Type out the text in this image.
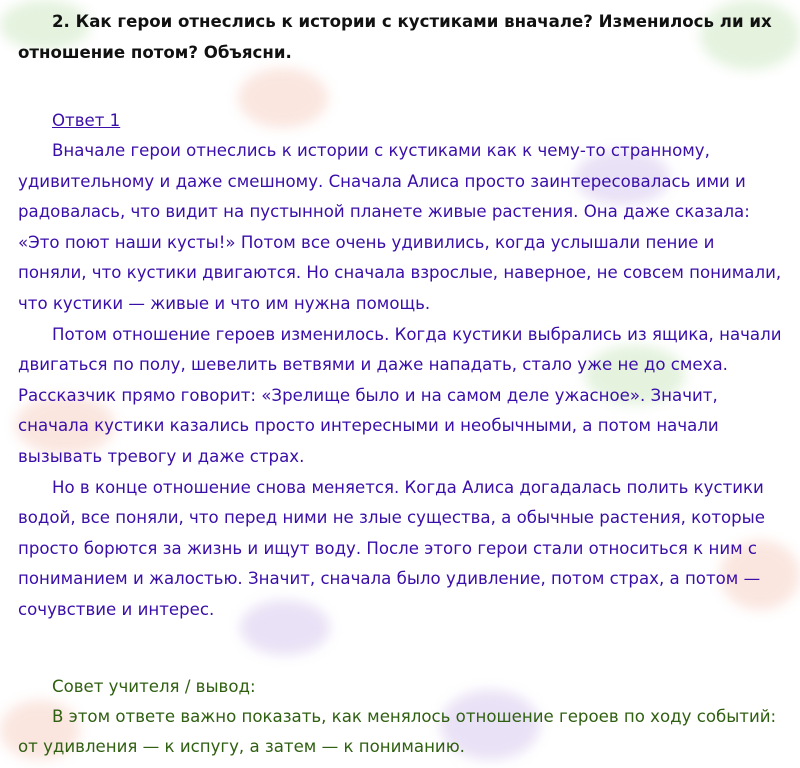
2. Как герои отнеслись к истории с кустиками вначале? Изменилось ли их отношение потом? Объясни.

Ответ 1

Вначале герои отнеслись к истории с кустиками как к чему-то странному, удивительному и даже смешному. Сначала Алиса просто заинтересовалась ими и радовалась, что видит на пустынной планете живые растения. Она даже сказала: «Это поют наши кусты!» Потом все очень удивились, когда услышали пение и поняли, что кустики двигаются. Но сначала взрослые, наверное, не совсем понимали, что кустики — живые и что им нужна помощь.

Потом отношение героев изменилось. Когда кустики выбрались из ящика, начали двигаться по полу, шевелить ветвями и даже нападать, стало уже не до смеха. Рассказчик прямо говорит: «Зрелище было и на самом деле ужасное». Значит, сначала кустики казались просто интересными и необычными, а потом начали вызывать тревогу и даже страх.

Но в конце отношение снова меняется. Когда Алиса догадалась полить кустики водой, все поняли, что перед ними не злые существа, а обычные растения, которые просто борются за жизнь и ищут воду. После этого герои стали относиться к ним с пониманием и жалостью. Значит, сначала было удивление, потом страх, а потом — сочувствие и интерес.

Совет учителя / вывод:

В этом ответе важно показать, как менялось отношение героев по ходу событий: от удивления — к испугу, а затем — к пониманию.
